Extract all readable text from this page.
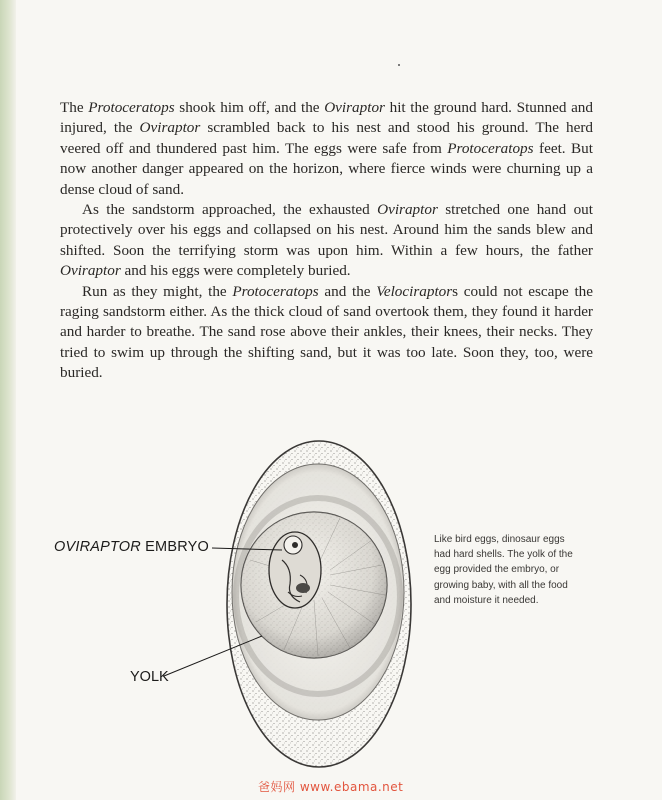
The Protoceratops shook him off, and the Oviraptor hit the ground hard. Stunned and injured, the Oviraptor scrambled back to his nest and stood his ground. The herd veered off and thundered past him. The eggs were safe from Protoceratops feet. But now another danger appeared on the horizon, where fierce winds were churning up a dense cloud of sand.

As the sandstorm approached, the exhausted Oviraptor stretched one hand out protectively over his eggs and collapsed on his nest. Around him the sands blew and shifted. Soon the terrifying storm was upon him. Within a few hours, the father Oviraptor and his eggs were completely buried.

Run as they might, the Protoceratops and the Velociraptors could not escape the raging sandstorm either. As the thick cloud of sand overtook them, they found it harder and harder to breathe. The sand rose above their ankles, their knees, their necks. They tried to swim up through the shifting sand, but it was too late. Soon they, too, were buried.

OVIRAPTOR EMBRYO
YOLK
Like bird eggs, dinosaur eggs had hard shells. The yolk of the egg provided the embryo, or growing baby, with all the food and moisture it needed.
爸妈网 www.ebama.net
